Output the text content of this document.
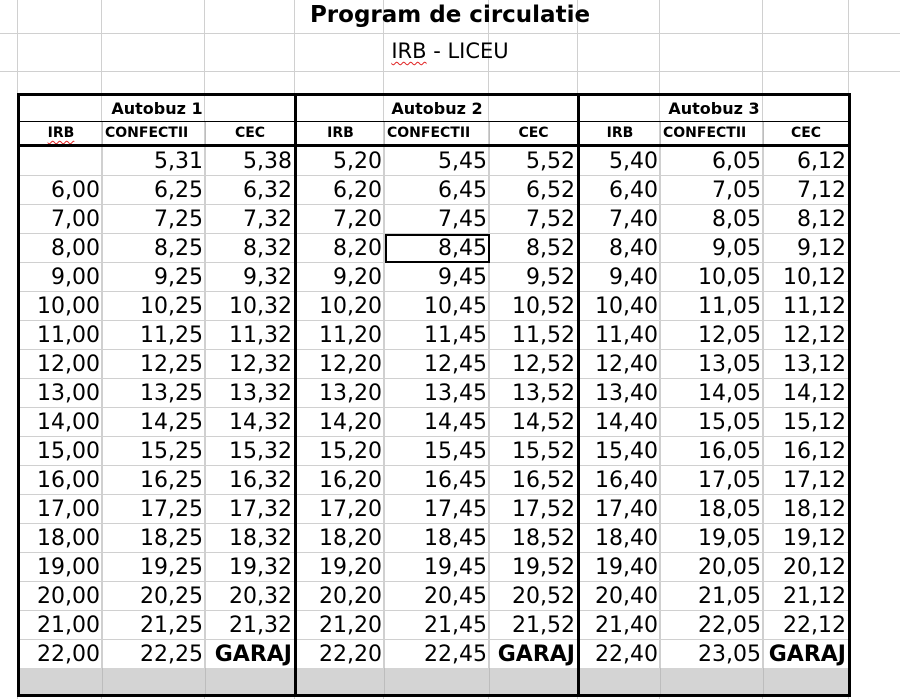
Program de circulatie
IRB - LICEU
Autobuz 1			Autobuz 2			Autobuz 3		
IRB	CONFECTII	CEC	IRB	CONFECTII	CEC	IRB	CONFECTII	CEC
	5,31	5,38	5,20	5,45	5,52	5,40	6,05	6,12
6,00	6,25	6,32	6,20	6,45	6,52	6,40	7,05	7,12
7,00	7,25	7,32	7,20	7,45	7,52	7,40	8,05	8,12
8,00	8,25	8,32	8,20	8,45	8,52	8,40	9,05	9,12
9,00	9,25	9,32	9,20	9,45	9,52	9,40	10,05	10,12
10,00	10,25	10,32	10,20	10,45	10,52	10,40	11,05	11,12
11,00	11,25	11,32	11,20	11,45	11,52	11,40	12,05	12,12
12,00	12,25	12,32	12,20	12,45	12,52	12,40	13,05	13,12
13,00	13,25	13,32	13,20	13,45	13,52	13,40	14,05	14,12
14,00	14,25	14,32	14,20	14,45	14,52	14,40	15,05	15,12
15,00	15,25	15,32	15,20	15,45	15,52	15,40	16,05	16,12
16,00	16,25	16,32	16,20	16,45	16,52	16,40	17,05	17,12
17,00	17,25	17,32	17,20	17,45	17,52	17,40	18,05	18,12
18,00	18,25	18,32	18,20	18,45	18,52	18,40	19,05	19,12
19,00	19,25	19,32	19,20	19,45	19,52	19,40	20,05	20,12
20,00	20,25	20,32	20,20	20,45	20,52	20,40	21,05	21,12
21,00	21,25	21,32	21,20	21,45	21,52	21,40	22,05	22,12
22,00	22,25	GARAJ	22,20	22,45	GARAJ	22,40	23,05	GARAJ
